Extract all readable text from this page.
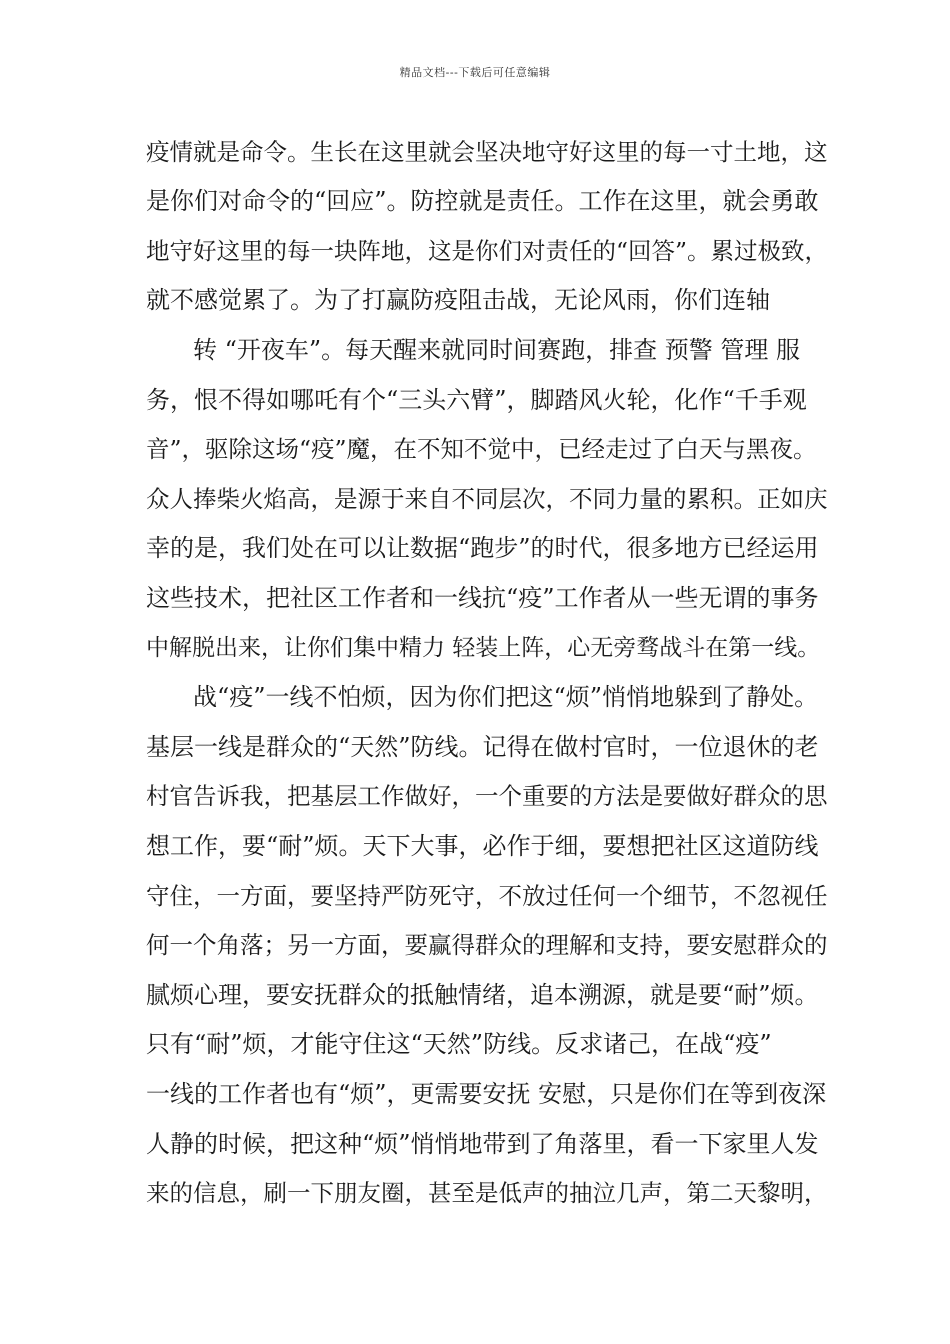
精品文档---下载后可任意编辑
疫情就是命令。生长在这里就会坚决地守好这里的每一寸土地，这
是你们对命令的“回应”。防控就是责任。工作在这里，就会勇敢
地守好这里的每一块阵地，这是你们对责任的“回答”。累过极致，
就不感觉累了。为了打赢防疫阻击战，无论风雨，你们连轴
转 “开夜车”。每天醒来就同时间赛跑，排查 预警 管理 服
务，恨不得如哪吒有个“三头六臂”，脚踏风火轮，化作“千手观
音”，驱除这场“疫”魔，在不知不觉中，已经走过了白天与黑夜。
众人捧柴火焰高，是源于来自不同层次，不同力量的累积。正如庆
幸的是，我们处在可以让数据“跑步”的时代，很多地方已经运用
这些技术，把社区工作者和一线抗“疫”工作者从一些无谓的事务
中解脱出来，让你们集中精力 轻装上阵，心无旁骛战斗在第一线。
战“疫”一线不怕烦，因为你们把这“烦”悄悄地躲到了静处。
基层一线是群众的“天然”防线。记得在做村官时，一位退休的老
村官告诉我，把基层工作做好，一个重要的方法是要做好群众的思
想工作，要“耐”烦。天下大事，必作于细，要想把社区这道防线
守住，一方面，要坚持严防死守，不放过任何一个细节，不忽视任
何一个角落；另一方面，要赢得群众的理解和支持，要安慰群众的
腻烦心理，要安抚群众的抵触情绪，追本溯源，就是要“耐”烦。
只有“耐”烦，才能守住这“天然”防线。反求诸己，在战“疫”
一线的工作者也有“烦”，更需要安抚 安慰，只是你们在等到夜深
人静的时候，把这种“烦”悄悄地带到了角落里，看一下家里人发
来的信息，刷一下朋友圈，甚至是低声的抽泣几声，第二天黎明，
